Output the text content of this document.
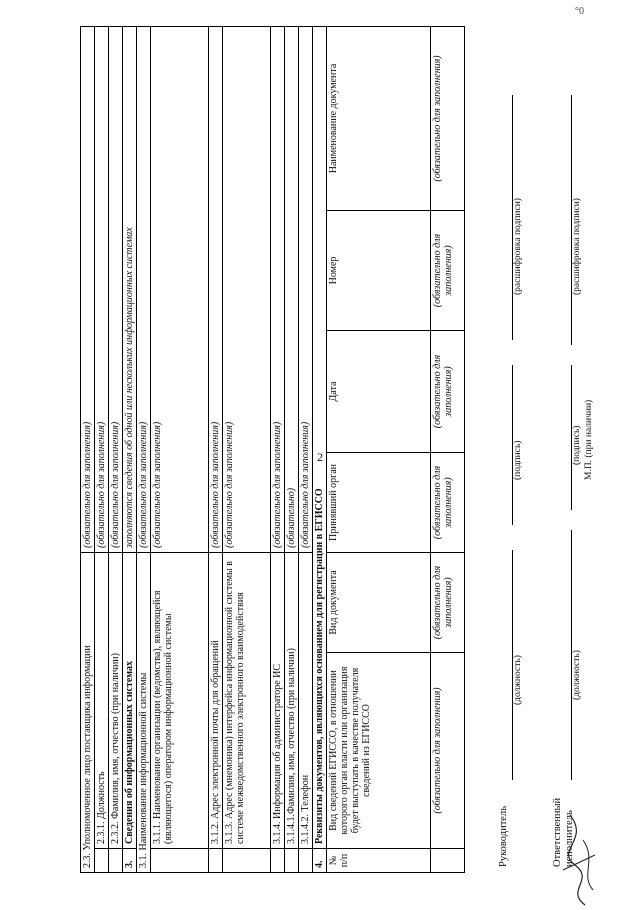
2
°0
2.3. Уполномоченное лицо поставщика информации			(обязательно для заполнения)			
	2.3.1. Должность		(обязательно для заполнения)			
	2.3.2. Фамилия, имя, отчество (при наличии)		(обязательно для заполнения)			
3.	Сведения об информационных системах		заполняются сведения об одной или нескольких информационных системах			
3.1. Наименование информационной системы			(обязательно для заполнения)			
	3.1.1. Наименование организации (ведомства), являющейся (являющегося) оператором информационной системы		(обязательно для заполнения)			
	3.1.2. Адрес электронной почты для обращений		(обязательно для заполнения)			
	3.1.3. Адрес (мнемоника) интерфейса информационной системы в системе межведомственного электронного взаимодействия		(обязательно для заполнения)			
	3.1.4. Информация об администраторе ИС		(обязательно для заполнения)			
	3.1.4.1.Фамилия, имя, отчество (при наличии)		(обязательно)			
	3.1.4.2. Телефон		(обязательно для заполнения)			
4.	Реквизиты документов, являющихся основанием для регистрации в ЕГИССО					
№ п/п	Вид сведений ЕГИССО, в отношении которого орган власти или организация будет выступать в качестве получателя сведений из ЕГИССО	Вид документа	Принявший орган	Дата	Номер	Наименование документа
	(обязательно для заполнения)	(обязательно для заполнения)	(обязательно для заполнения)	(обязательно для заполнения)	(обязательно для заполнения)	(обязательно для заполнения)
Руководитель
(должность)
(подпись)
(расшифровка подписи)
Ответственный исполнитель
(должность)
(подпись) М.П. (при наличии)
(расшифровка подписи)
